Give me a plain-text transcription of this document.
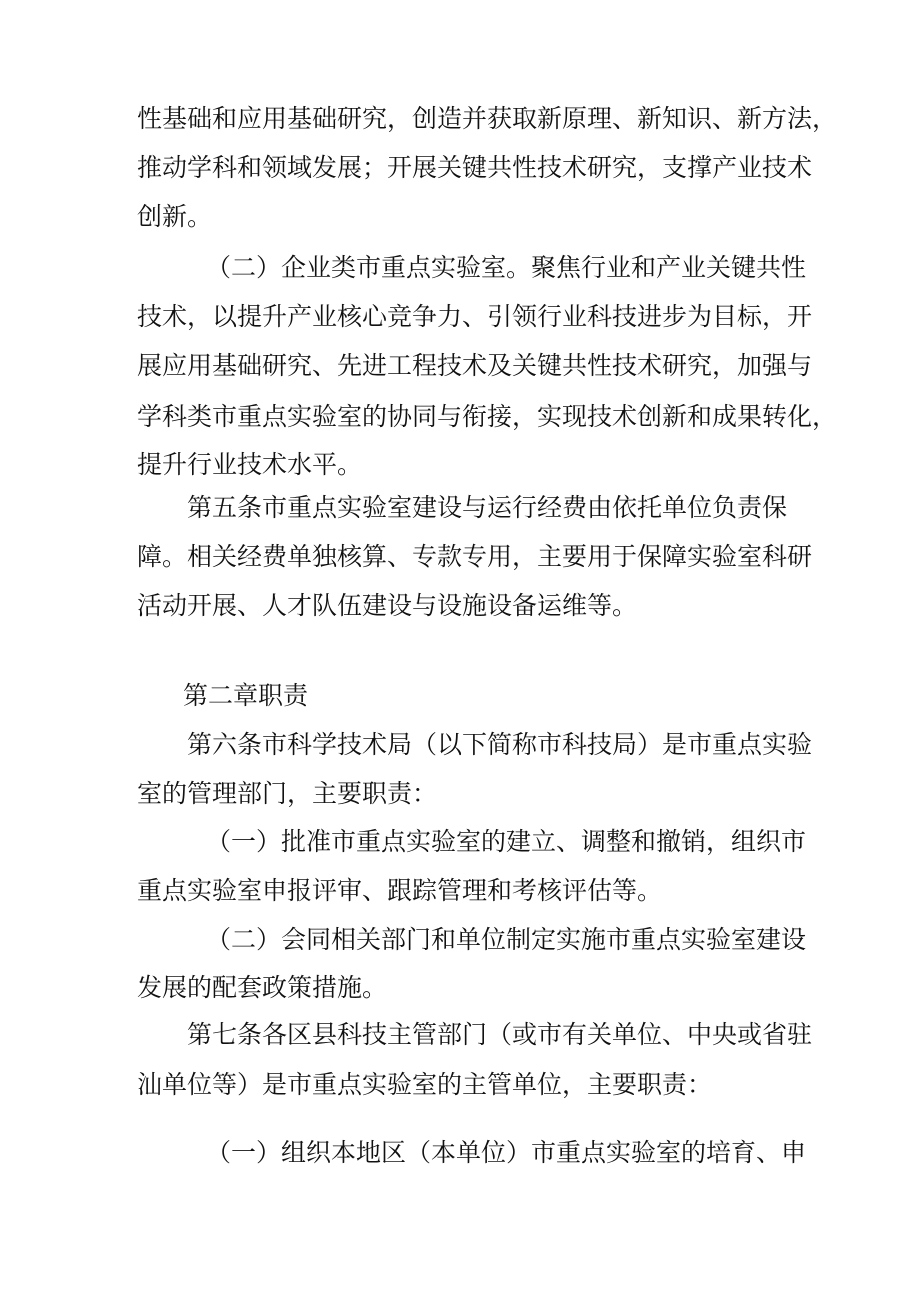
性基础和应用基础研究，创造并获取新原理、新知识、新方法，
推动学科和领域发展；开展关键共性技术研究，支撑产业技术
创新。
（二）企业类市重点实验室。聚焦行业和产业关键共性
技术，以提升产业核心竞争力、引领行业科技进步为目标，开
展应用基础研究、先进工程技术及关键共性技术研究，加强与
学科类市重点实验室的协同与衔接，实现技术创新和成果转化，
提升行业技术水平。
第五条市重点实验室建设与运行经费由依托单位负责保
障。相关经费单独核算、专款专用，主要用于保障实验室科研
活动开展、人才队伍建设与设施设备运维等。
第二章职责
第六条市科学技术局（以下简称市科技局）是市重点实验
室的管理部门，主要职责：
（一）批准市重点实验室的建立、调整和撤销，组织市
重点实验室申报评审、跟踪管理和考核评估等。
（二）会同相关部门和单位制定实施市重点实验室建设
发展的配套政策措施。
第七条各区县科技主管部门（或市有关单位、中央或省驻
汕单位等）是市重点实验室的主管单位，主要职责：
（一）组织本地区（本单位）市重点实验室的培育、申
